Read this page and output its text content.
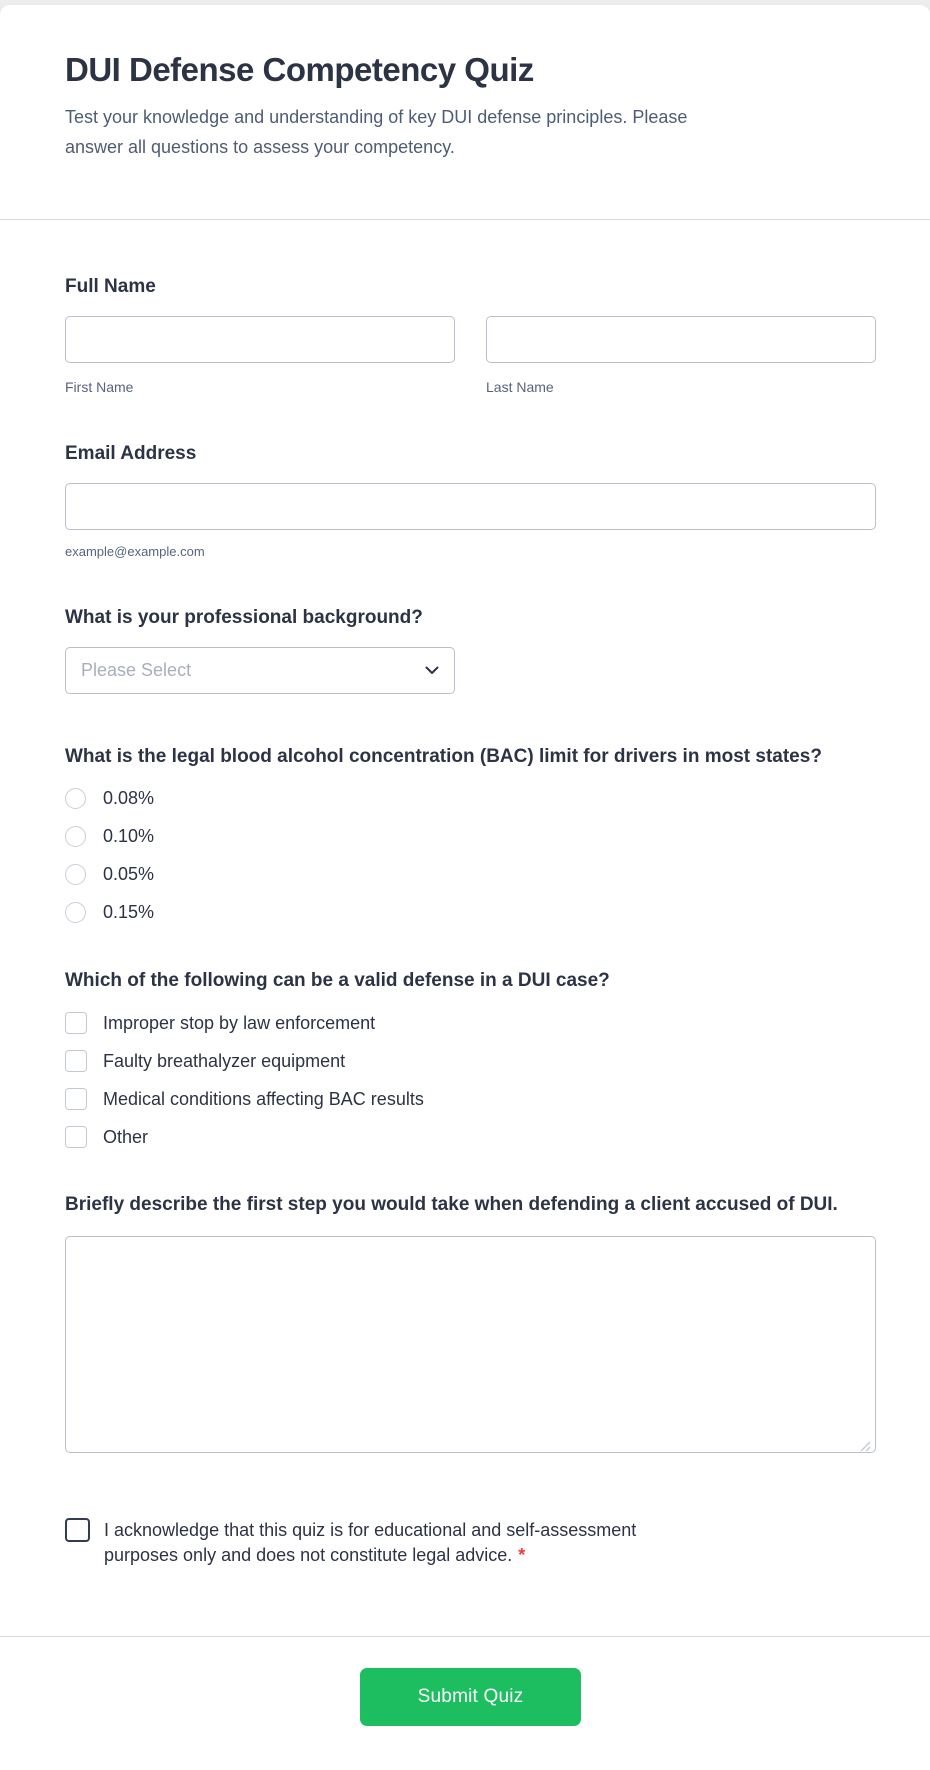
DUI Defense Competency Quiz

Test your knowledge and understanding of key DUI defense principles. Please answer all questions to assess your competency.

Full Name
First Name	Last Name
Email Address
example@example.com
What is your professional background?
Please Select
What is the legal blood alcohol concentration (BAC) limit for drivers in most states?
0.08%
0.10%
0.05%
0.15%
Which of the following can be a valid defense in a DUI case?
Improper stop by law enforcement
Faulty breathalyzer equipment
Medical conditions affecting BAC results
Other
Briefly describe the first step you would take when defending a client accused of DUI.
I acknowledge that this quiz is for educational and self-assessment purposes only and does not constitute legal advice. *
Submit Quiz
